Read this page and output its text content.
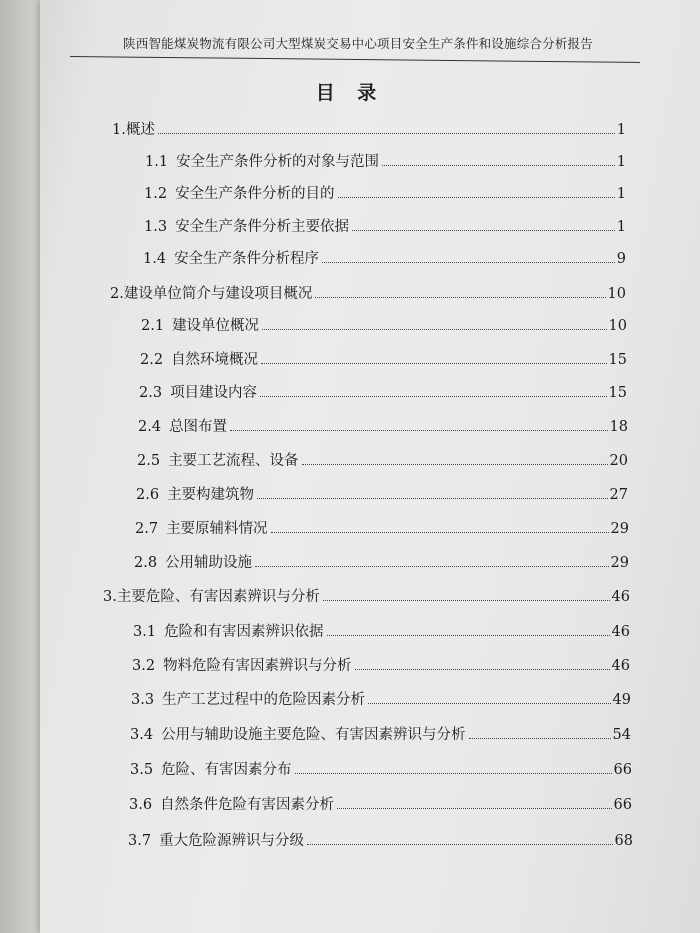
陕西智能煤炭物流有限公司大型煤炭交易中心项目安全生产条件和设施综合分析报告
目 录
1. 概述	1
1.1 安全生产条件分析的对象与范围	1
1.2 安全生产条件分析的目的	1
1.3 安全生产条件分析主要依据	1
1.4 安全生产条件分析程序	9
2. 建设单位简介与建设项目概况	10
2.1 建设单位概况	10
2.2 自然环境概况	15
2.3 项目建设内容	15
2.4 总图布置	18
2.5 主要工艺流程、设备	20
2.6 主要构建筑物	27
2.7 主要原辅料情况	29
2.8 公用辅助设施	29
3. 主要危险、有害因素辨识与分析	46
3.1 危险和有害因素辨识依据	46
3.2 物料危险有害因素辨识与分析	46
3.3 生产工艺过程中的危险因素分析	49
3.4 公用与辅助设施主要危险、有害因素辨识与分析	54
3.5 危险、有害因素分布	66
3.6 自然条件危险有害因素分析	66
3.7 重大危险源辨识与分级	68
